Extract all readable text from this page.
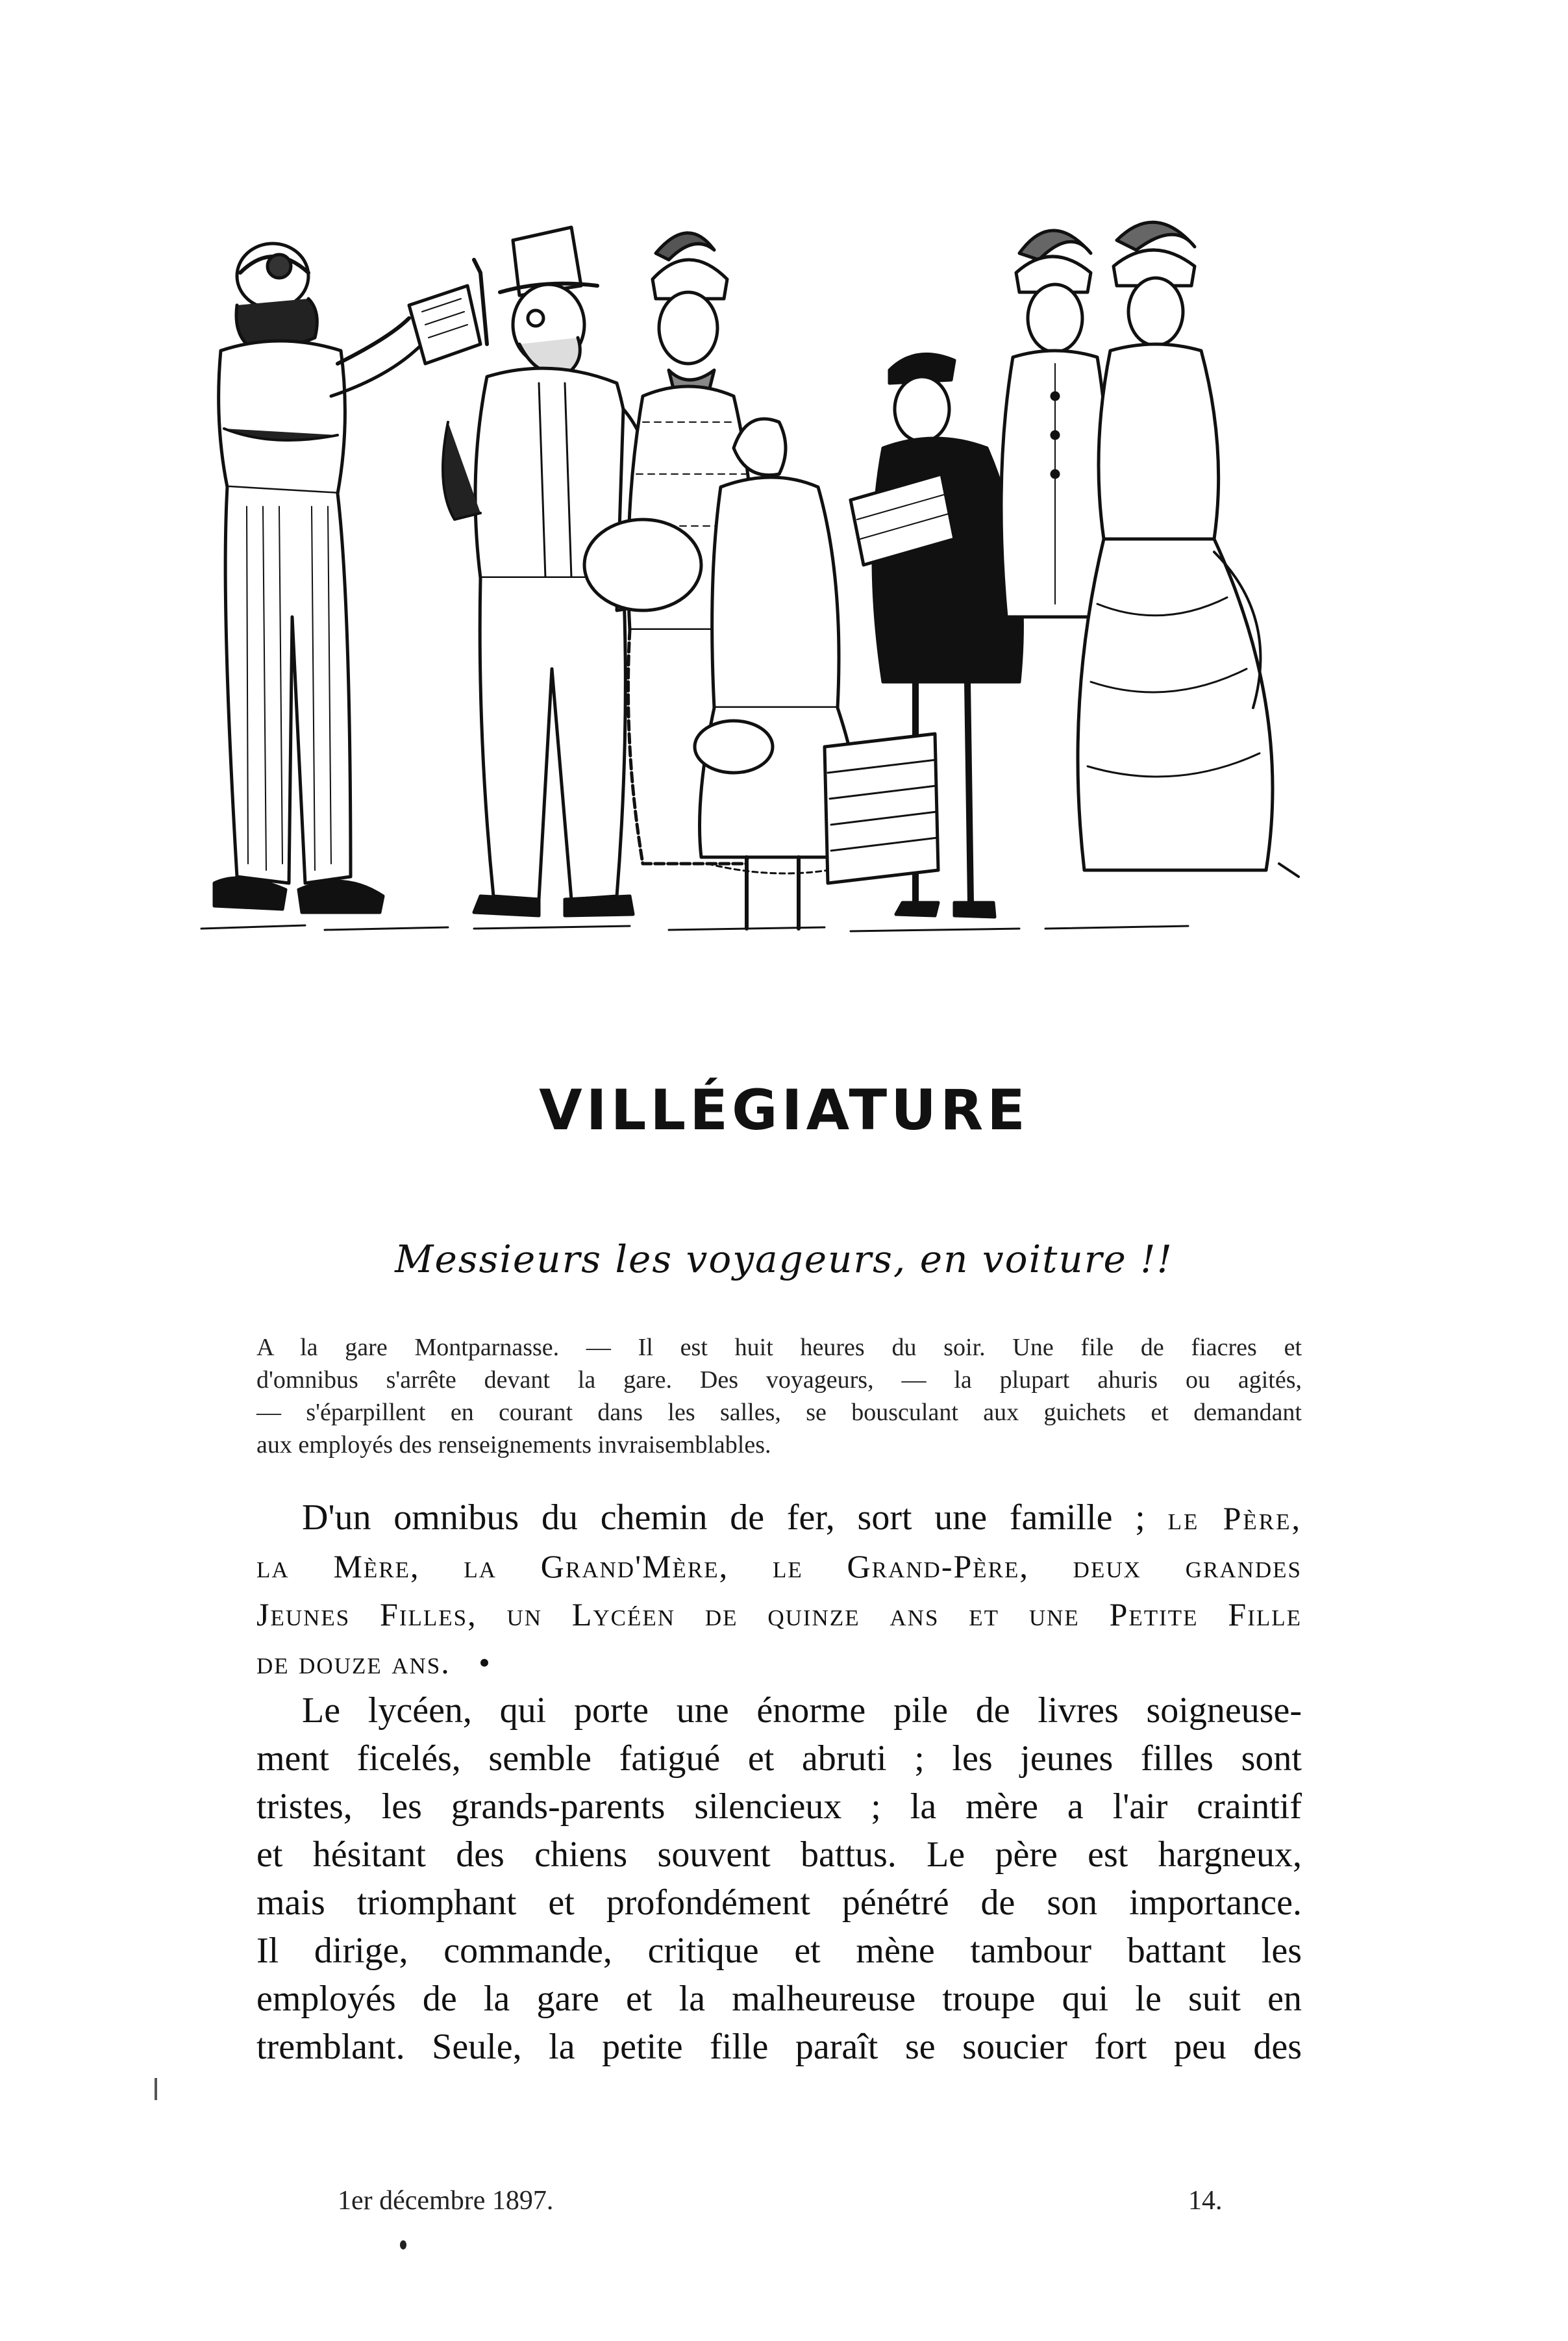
VILLÉGIATURE
Messieurs les voyageurs, en voiture !!
A la gare Montparnasse. — Il est huit heures du soir. Une file de fiacres et
d'omnibus s'arrête devant la gare. Des voyageurs, — la plupart ahuris ou agités,
— s'éparpillent en courant dans les salles, se bousculant aux guichets et demandant
aux employés des renseignements invraisemblables.
D'un omnibus du chemin de fer, sort une famille ; le Père,
la Mère, la Grand'Mère, le Grand-Père, deux grandes
Jeunes Filles, un Lycéen de quinze ans et une Petite Fille
de douze ans. •
Le lycéen, qui porte une énorme pile de livres soigneuse-
ment ficelés, semble fatigué et abruti ; les jeunes filles sont
tristes, les grands-parents silencieux ; la mère a l'air craintif
et hésitant des chiens souvent battus. Le père est hargneux,
mais triomphant et profondément pénétré de son importance.
Il dirige, commande, critique et mène tambour battant les
employés de la gare et la malheureuse troupe qui le suit en
tremblant. Seule, la petite fille paraît se soucier fort peu des
1er décembre 1897.	14.
